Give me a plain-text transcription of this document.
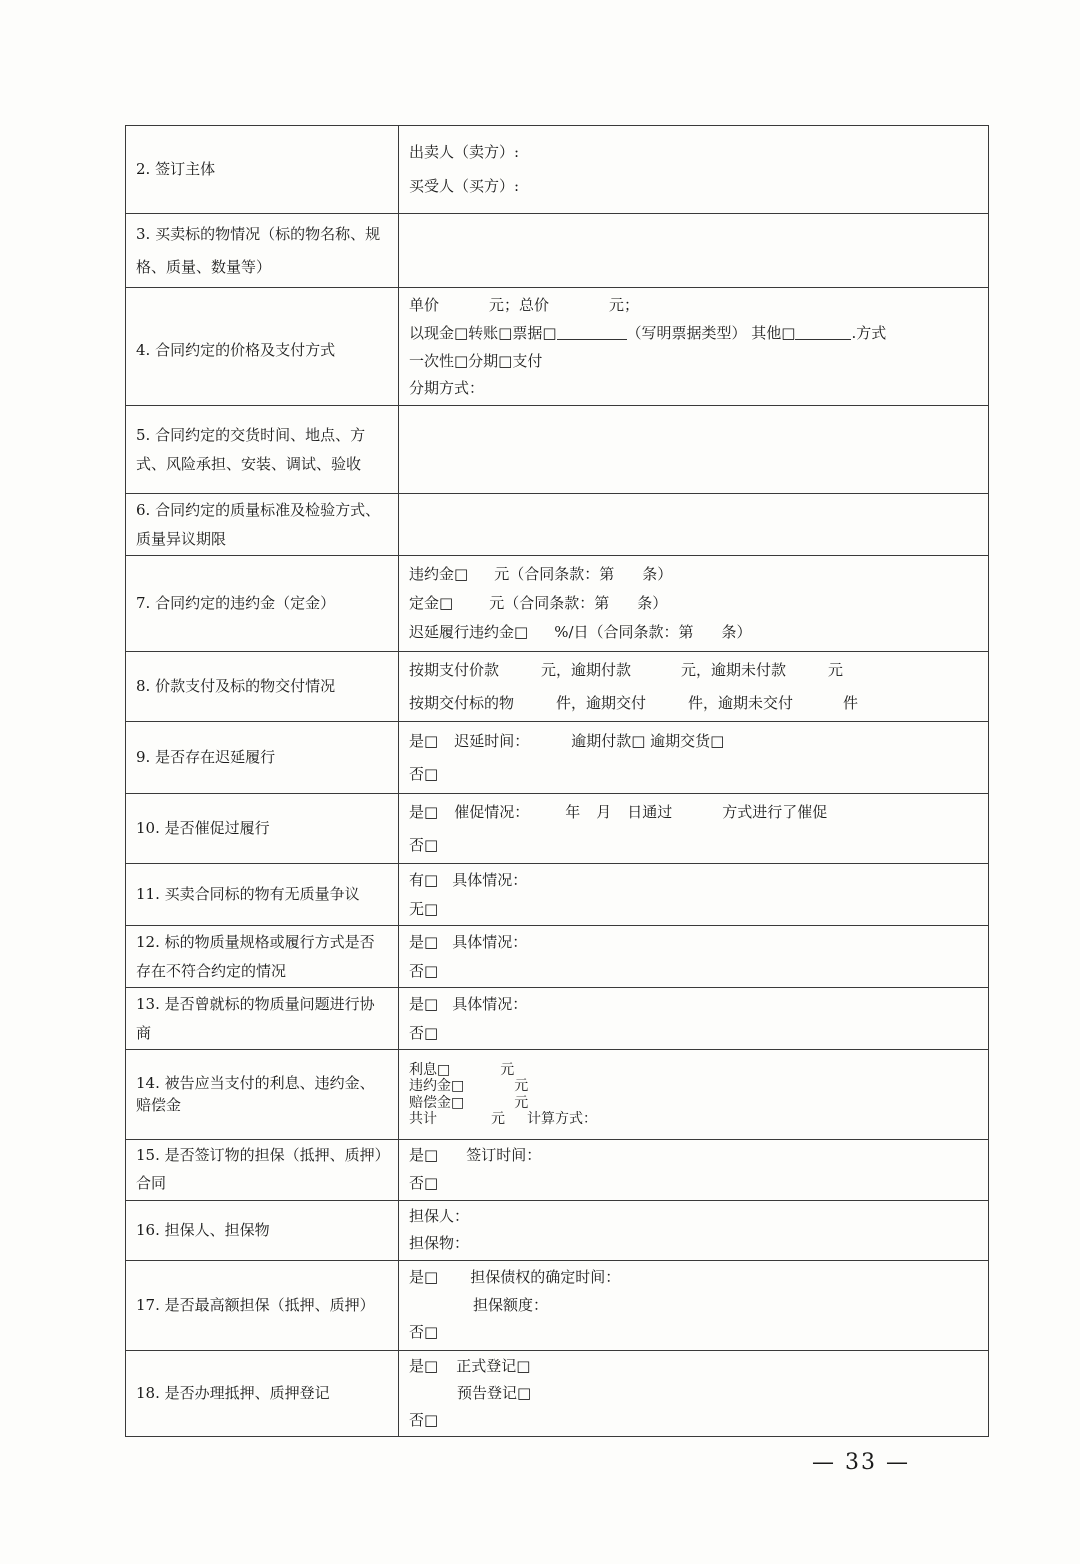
2. 签订主体	出卖人（卖方）:
买受人（买方）:

3. 买卖标的物情况（标的物名称、规格、质量、数量等）	
4. 合同约定的价格及支付方式	单价 元；总价 元；
以现金□转账□票据□ （写明票据类型） 其他□ .方式
一次性□分期□支付
分期方式：

5. 合同约定的交货时间、地点、方式、风险承担、安装、调试、验收	
6. 合同约定的质量标准及检验方式、质量异议期限	
7. 合同约定的违约金（定金）	违约金□ 元（合同条款：第 条）
定金□ 元（合同条款：第 条）
迟延履行违约金□ %/日（合同条款：第 条）

8. 价款支付及标的物交付情况	按期支付价款 元，逾期付款 元，逾期未付款 元
按期交付标的物 件，逾期交付 件，逾期未交付 件

9. 是否存在迟延履行	是□ 迟延时间： 逾期付款□ 逾期交货□
否□

10. 是否催促过履行	是□ 催促情况： 年 月 日通过 方式进行了催促
否□

11. 买卖合同标的物有无质量争议	有□ 具体情况：
无□

12. 标的物质量规格或履行方式是否存在不符合约定的情况	是□ 具体情况：
否□

13. 是否曾就标的物质量问题进行协商	是□ 具体情况：
否□

14. 被告应当支付的利息、违约金、赔偿金	利息□ 元
违约金□ 元
赔偿金□ 元
共计 元 计算方式：

15. 是否签订物的担保（抵押、质押）合同	是□ 签订时间：
否□

16. 担保人、担保物	担保人：
担保物：

17. 是否最高额担保（抵押、质押）	是□ 担保债权的确定时间：
担保额度：
否□

18. 是否办理抵押、质押登记	是□ 正式登记□
预告登记□
否□
— 33 —
